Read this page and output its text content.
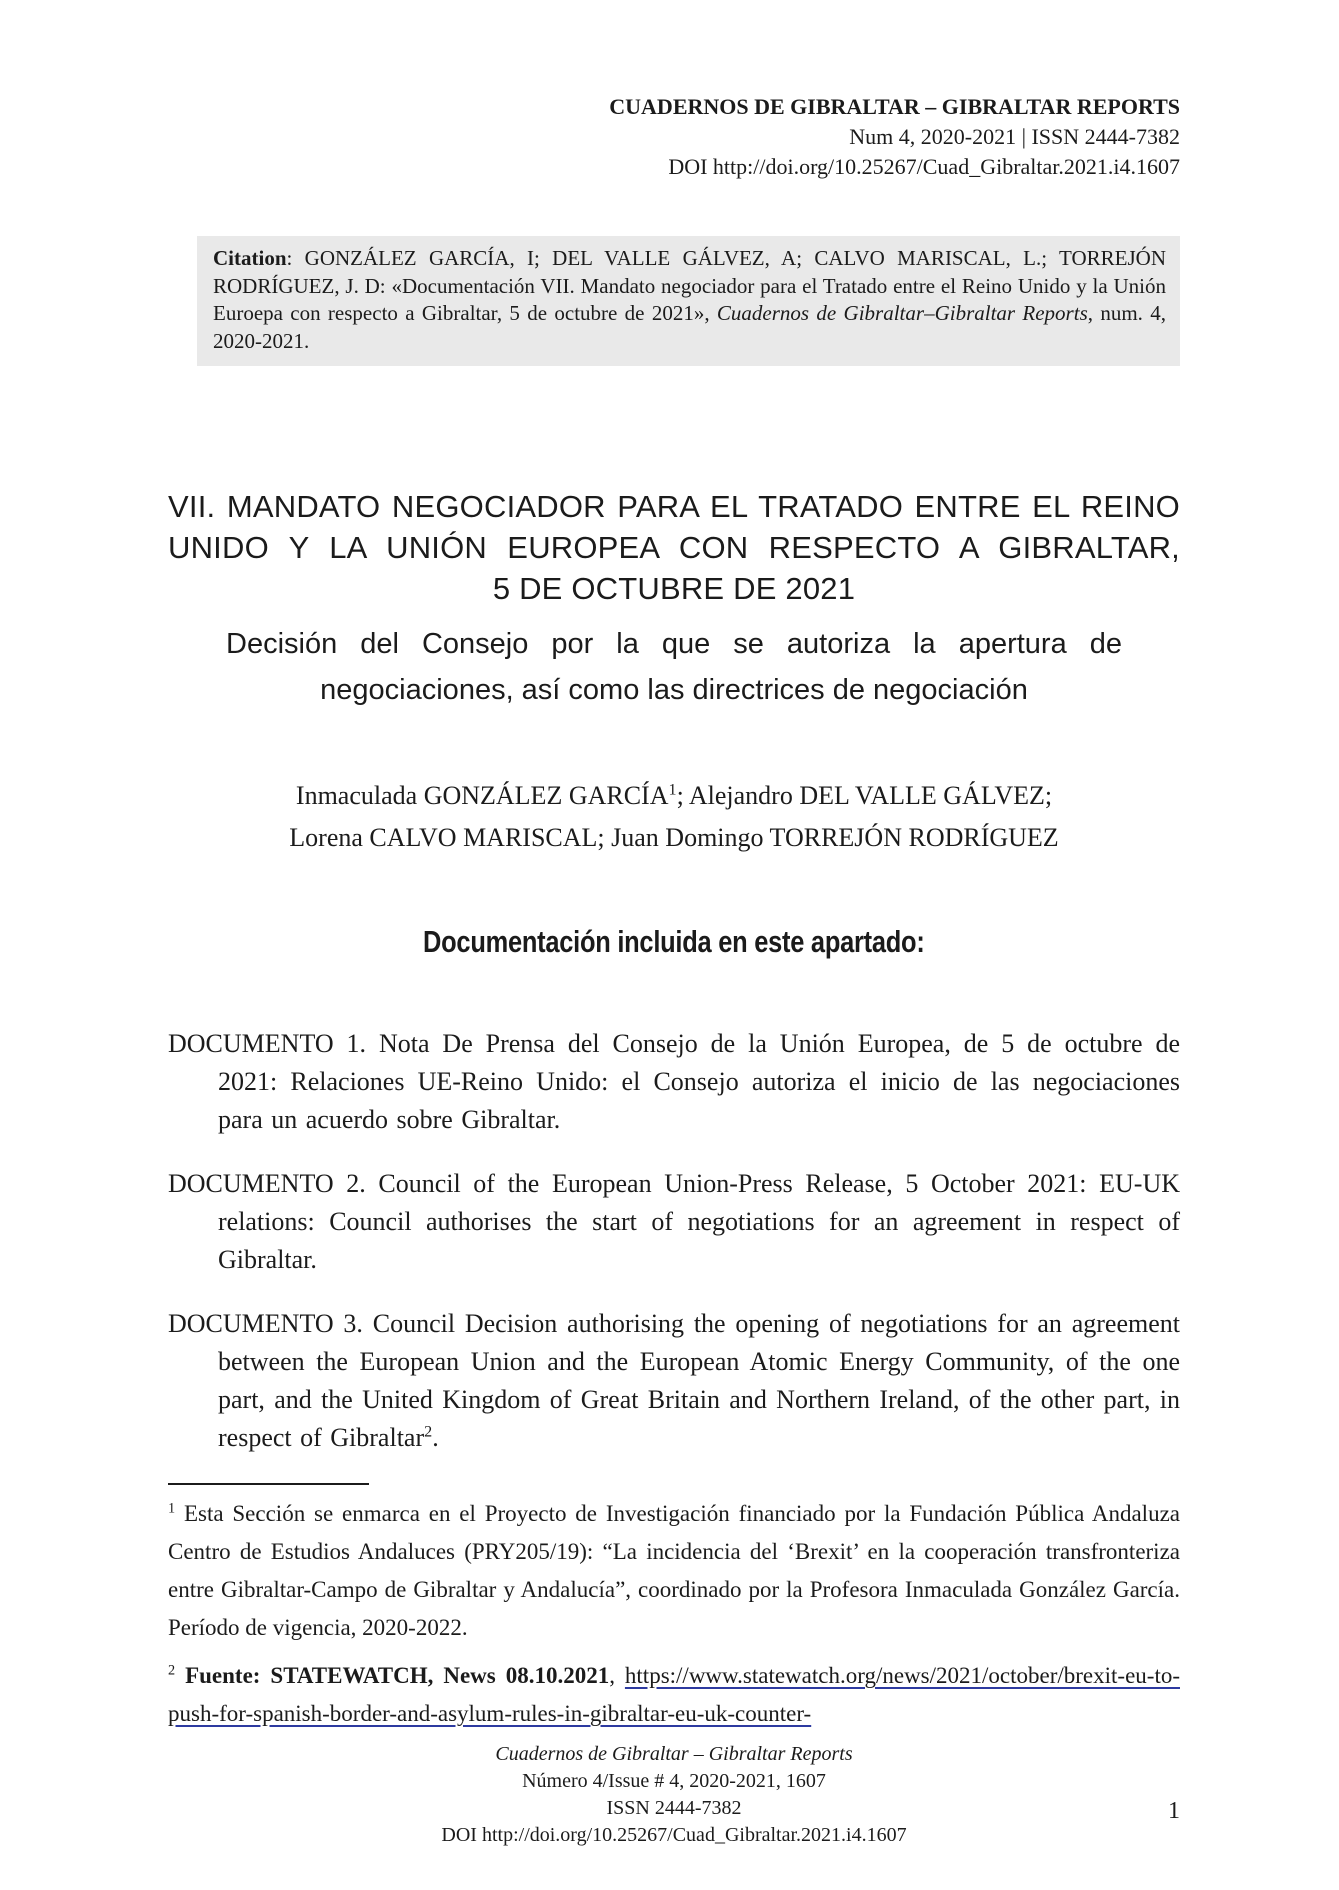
CUADERNOS DE GIBRALTAR – GIBRALTAR REPORTS
Num 4, 2020-2021 | ISSN 2444-7382
DOI http://doi.org/10.25267/Cuad_Gibraltar.2021.i4.1607
Citation: GONZÁLEZ GARCÍA, I; DEL VALLE GÁLVEZ, A; CALVO MARISCAL, L.; TORREJÓN RODRÍGUEZ, J. D: «Documentación VII. Mandato negociador para el Tratado entre el Reino Unido y la Unión Euroepa con respecto a Gibraltar, 5 de octubre de 2021», Cuadernos de Gibraltar–Gibraltar Reports, num. 4, 2020-2021.
VII. MANDATO NEGOCIADOR PARA EL TRATADO ENTRE EL REINO
UNIDO Y LA UNIÓN EUROPEA CON RESPECTO A GIBRALTAR,
5 DE OCTUBRE DE 2021
Decisión del Consejo por la que se autoriza la apertura de
negociaciones, así como las directrices de negociación
Inmaculada GONZÁLEZ GARCÍA$^1$; Alejandro DEL VALLE GÁLVEZ;
Lorena CALVO MARISCAL; Juan Domingo TORREJÓN RODRÍGUEZ
Documentación incluida en este apartado:

DOCUMENTO 1. Nota De Prensa del Consejo de la Unión Europea, de 5 de octubre de 2021: Relaciones UE-Reino Unido: el Consejo autoriza el inicio de las negociaciones para un acuerdo sobre Gibraltar.

DOCUMENTO 2. Council of the European Union-Press Release, 5 October 2021: EU-UK relations: Council authorises the start of negotiations for an agreement in respect of Gibraltar.

DOCUMENTO 3. Council Decision authorising the opening of negotiations for an agreement between the European Union and the European Atomic Energy Community, of the one part, and the United Kingdom of Great Britain and Northern Ireland, of the other part, in respect of Gibraltar$^2$.

$^1$ Esta Sección se enmarca en el Proyecto de Investigación financiado por la Fundación Pública Andaluza Centro de Estudios Andaluces (PRY205/19): “La incidencia del ‘Brexit’ en la cooperación transfronteriza entre Gibraltar-Campo de Gibraltar y Andalucía”, coordinado por la Profesora Inmaculada González García. Período de vigencia, 2020-2022.

$^2$ Fuente: STATEWATCH, News 08.10.2021, https://www.statewatch.org/news/2021/october/brexit-eu-to-push-for-spanish-border-and-asylum-rules-in-gibraltar-eu-uk-counter-

Cuadernos de Gibraltar – Gibraltar Reports
Número 4/Issue # 4, 2020-2021, 1607
ISSN 2444-7382
DOI http://doi.org/10.25267/Cuad_Gibraltar.2021.i4.1607
1
